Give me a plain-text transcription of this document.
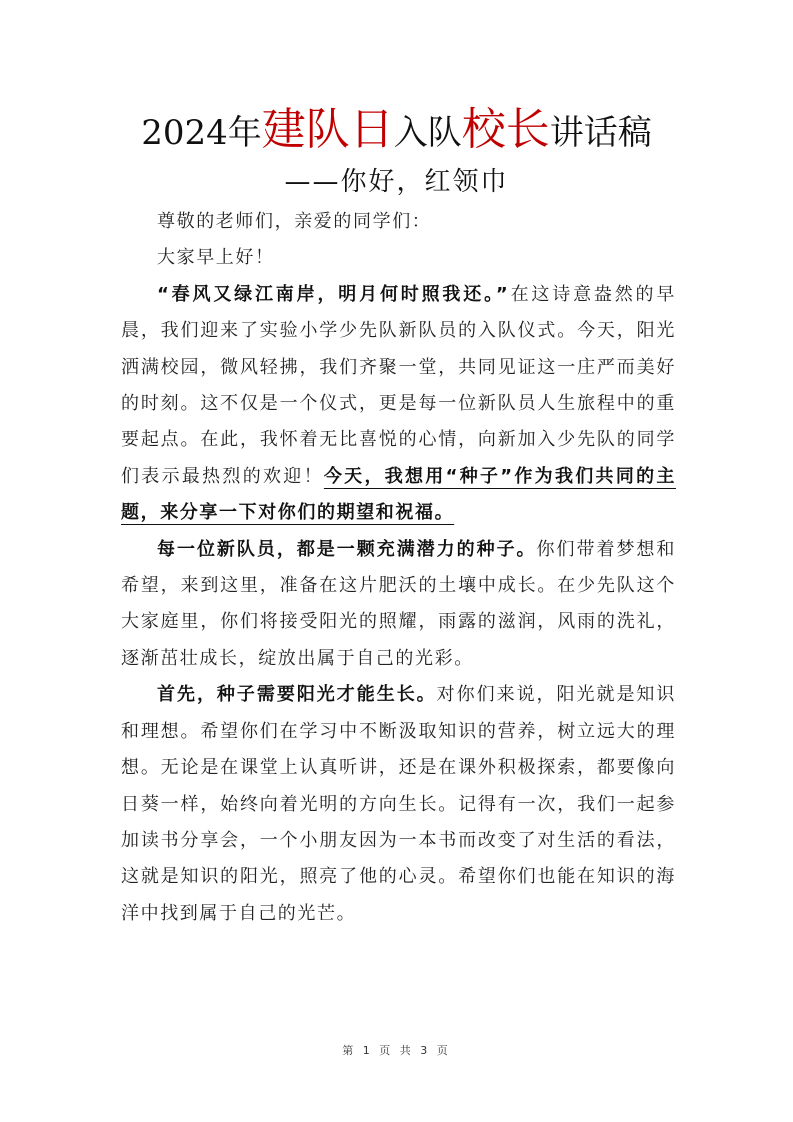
2024年建队日入队校长讲话稿
——你好，红领巾

尊敬的老师们，亲爱的同学们：

大家早上好！

“春风又绿江南岸，明月何时照我还。”在这诗意盎然的早晨，我们迎来了实验小学少先队新队员的入队仪式。今天，阳光洒满校园，微风轻拂，我们齐聚一堂，共同见证这一庄严而美好的时刻。这不仅是一个仪式，更是每一位新队员人生旅程中的重要起点。在此，我怀着无比喜悦的心情，向新加入少先队的同学们表示最热烈的欢迎！今天，我想用“种子”作为我们共同的主题，来分享一下对你们的期望和祝福。

每一位新队员，都是一颗充满潜力的种子。你们带着梦想和希望，来到这里，准备在这片肥沃的土壤中成长。在少先队这个大家庭里，你们将接受阳光的照耀，雨露的滋润，风雨的洗礼，逐渐茁壮成长，绽放出属于自己的光彩。

首先，种子需要阳光才能生长。对你们来说，阳光就是知识和理想。希望你们在学习中不断汲取知识的营养，树立远大的理想。无论是在课堂上认真听讲，还是在课外积极探索，都要像向日葵一样，始终向着光明的方向生长。记得有一次，我们一起参加读书分享会，一个小朋友因为一本书而改变了对生活的看法，这就是知识的阳光，照亮了他的心灵。希望你们也能在知识的海洋中找到属于自己的光芒。

第 1 页 共 3 页
